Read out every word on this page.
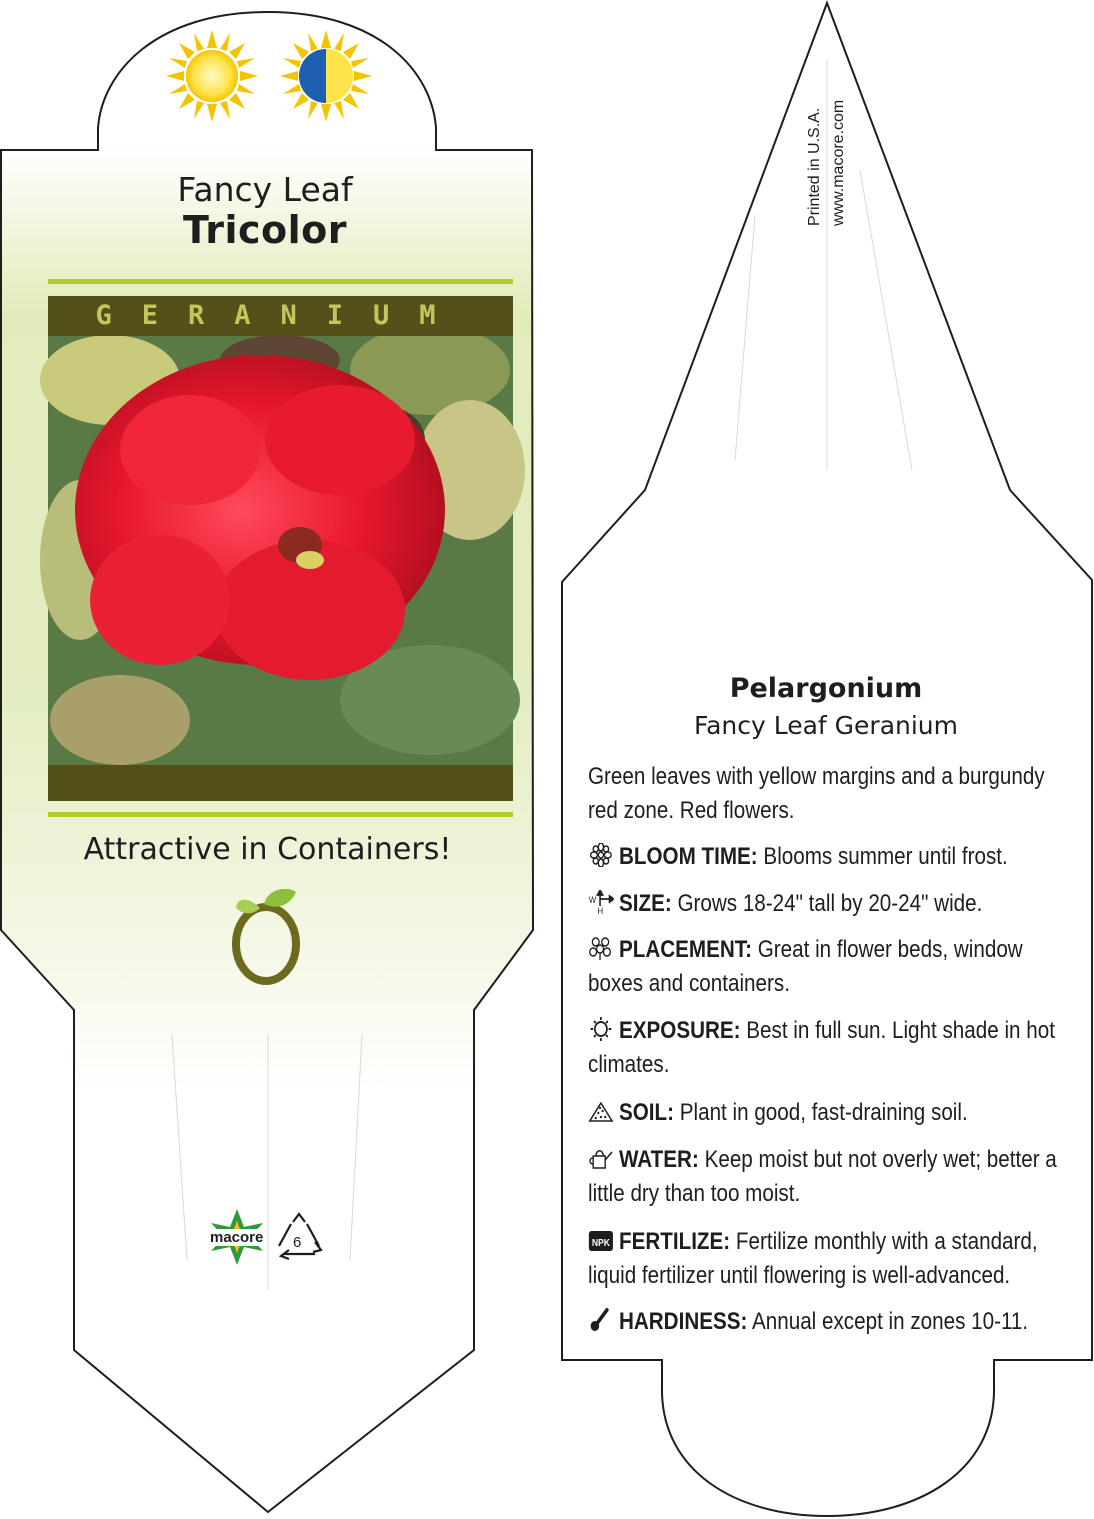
Fancy Leaf
Tricolor
GERANIUM
Attractive in Containers!
macore 6
Printed in U.S.A. www.macore.com
Pelargonium
Fancy Leaf Geranium
Green leaves with yellow margins and a burgundy red zone. Red flowers.
BLOOM TIME: Blooms summer until frost.
W
H SIZE: Grows 18-24" tall by 20-24" wide.
PLACEMENT: Great in flower beds, window boxes and containers.
EXPOSURE: Best in full sun. Light shade in hot climates.
SOIL: Plant in good, fast-draining soil.
WATER: Keep moist but not overly wet; better a little dry than too moist.
NPK FERTILIZE: Fertilize monthly with a standard, liquid fertilizer until flowering is well-advanced.
HARDINESS: Annual except in zones 10-11.
